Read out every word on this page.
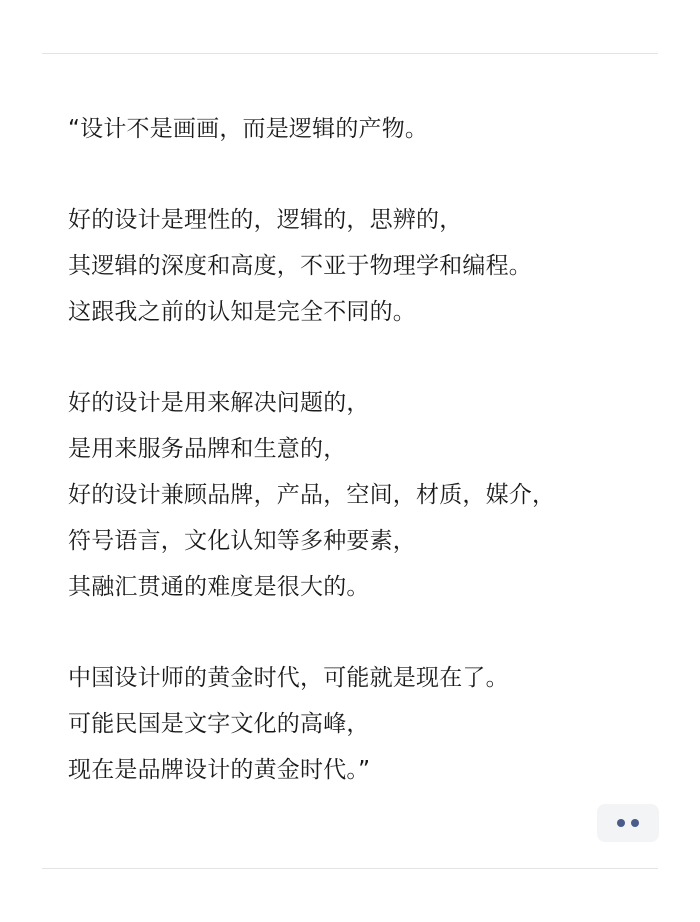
“设计不是画画，而是逻辑的产物。
好的设计是理性的，逻辑的，思辨的，
其逻辑的深度和高度，不亚于物理学和编程。
这跟我之前的认知是完全不同的。
好的设计是用来解决问题的，
是用来服务品牌和生意的，
好的设计兼顾品牌，产品，空间，材质，媒介，
符号语言，文化认知等多种要素，
其融汇贯通的难度是很大的。
中国设计师的黄金时代，可能就是现在了。
可能民国是文字文化的高峰，
现在是品牌设计的黄金时代。”
